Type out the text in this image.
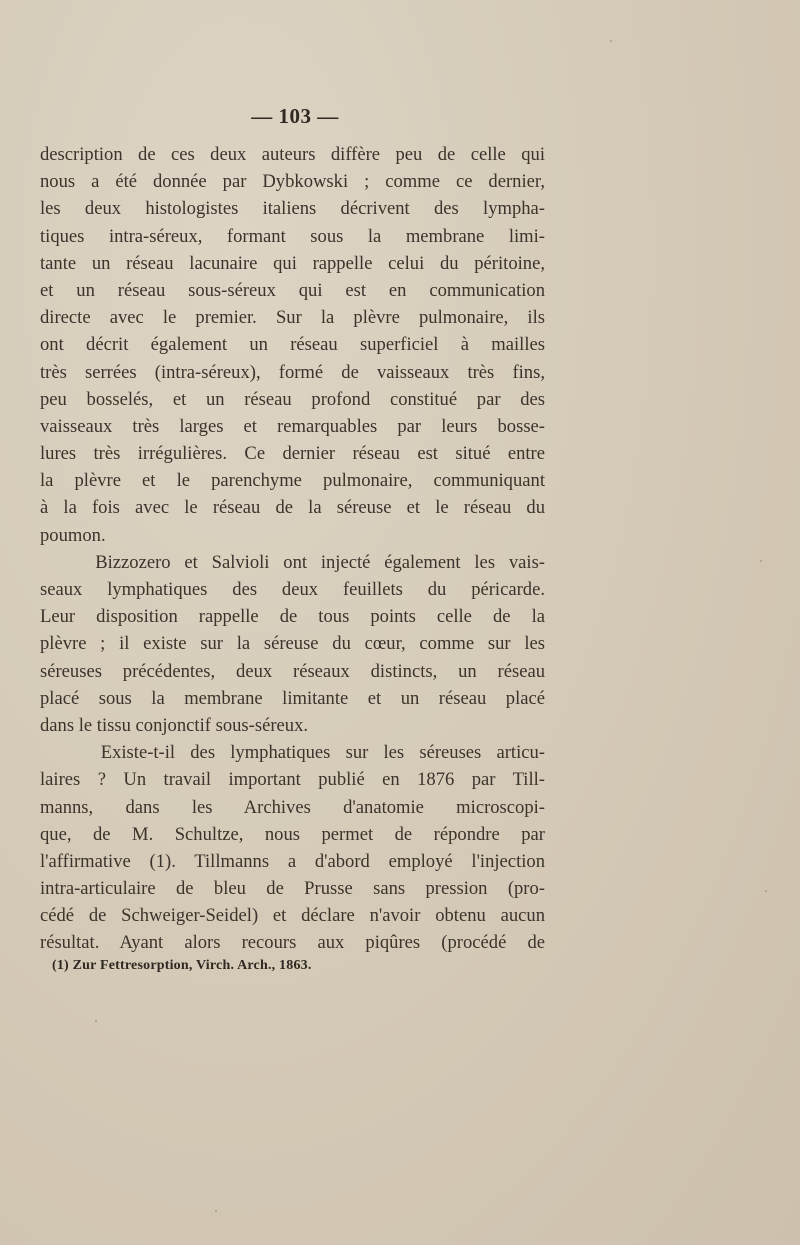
— 103 —
description de ces deux auteurs diffère peu de celle qui
nous a été donnée par Dybkowski ; comme ce dernier,
les deux histologistes italiens décrivent des lympha-
tiques intra-séreux, formant sous la membrane limi-
tante un réseau lacunaire qui rappelle celui du péritoine,
et un réseau sous-séreux qui est en communication
directe avec le premier. Sur la plèvre pulmonaire, ils
ont décrit également un réseau superficiel à mailles
très serrées (intra-séreux), formé de vaisseaux très fins,
peu bosselés, et un réseau profond constitué par des
vaisseaux très larges et remarquables par leurs bosse-
lures très irrégulières. Ce dernier réseau est situé entre
la plèvre et le parenchyme pulmonaire, communiquant
à la fois avec le réseau de la séreuse et le réseau du
poumon.
Bizzozero et Salvioli ont injecté également les vais-
seaux lymphatiques des deux feuillets du péricarde.
Leur disposition rappelle de tous points celle de la
plèvre ; il existe sur la séreuse du cœur, comme sur les
séreuses précédentes, deux réseaux distincts, un réseau
placé sous la membrane limitante et un réseau placé
dans le tissu conjonctif sous-séreux.
Existe-t-il des lymphatiques sur les séreuses articu-
laires ? Un travail important publié en 1876 par Till-
manns, dans les Archives d'anatomie microscopi-
que, de M. Schultze, nous permet de répondre par
l'affirmative (1). Tillmanns a d'abord employé l'injection
intra-articulaire de bleu de Prusse sans pression (pro-
cédé de Schweiger-Seidel) et déclare n'avoir obtenu aucun
résultat. Ayant alors recours aux piqûres (procédé de
(1) Zur Fettresorption, Virch. Arch., 1863.
